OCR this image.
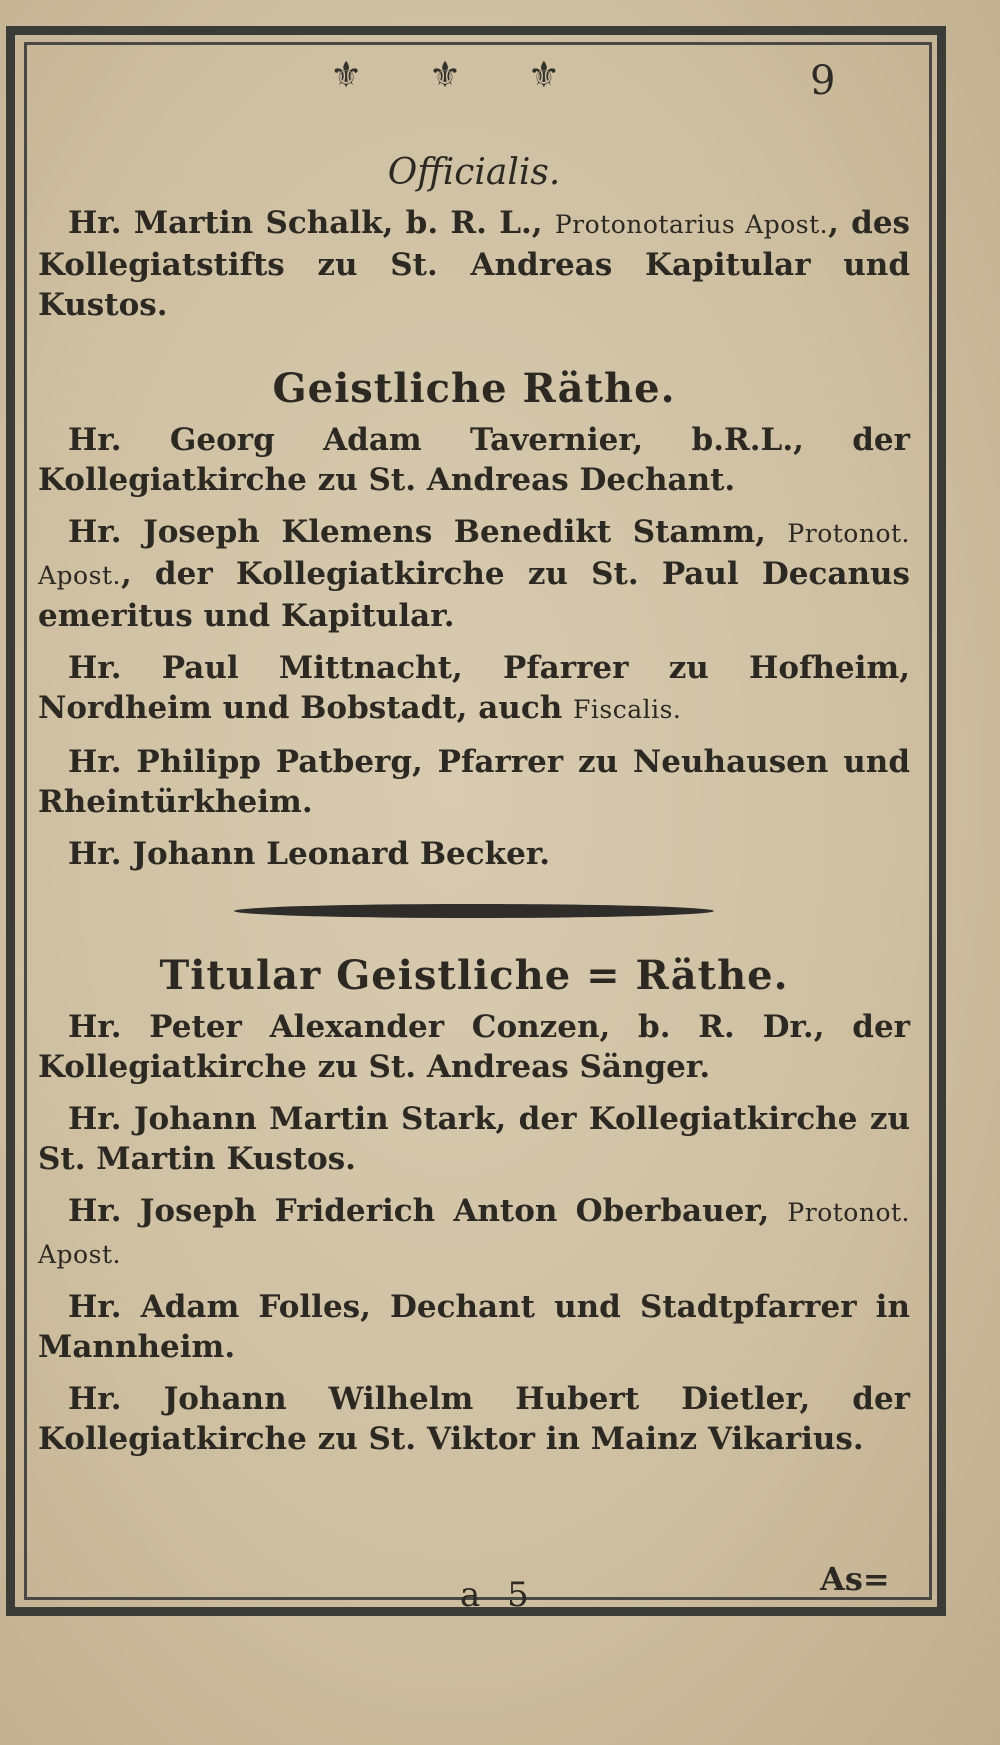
⚜ ⚜ ⚜	9
Officialis.

Hr. Martin Schalk, b. R. L., Protonotarius Apost., des Kollegiatstifts zu St. Andreas Kapitular und Kustos.

Geistliche Räthe.

Hr. Georg Adam Tavernier, b.R.L., der Kollegiatkirche zu St. Andreas Dechant.

Hr. Joseph Klemens Benedikt Stamm, Protonot. Apost., der Kollegiatkirche zu St. Paul Decanus emeritus und Kapitular.

Hr. Paul Mittnacht, Pfarrer zu Hofheim, Nordheim und Bobstadt, auch Fiscalis.

Hr. Philipp Patberg, Pfarrer zu Neuhausen und Rheintürkheim.

Hr. Johann Leonard Becker.

Titular Geistliche = Räthe.

Hr. Peter Alexander Conzen, b. R. Dr., der Kollegiatkirche zu St. Andreas Sänger.

Hr. Johann Martin Stark, der Kollegiatkirche zu St. Martin Kustos.

Hr. Joseph Friderich Anton Oberbauer, Protonot. Apost.

Hr. Adam Folles, Dechant und Stadtpfarrer in Mannheim.

Hr. Johann Wilhelm Hubert Dietler, der Kollegiatkirche zu St. Viktor in Mainz Vikarius.

a 5	As=
